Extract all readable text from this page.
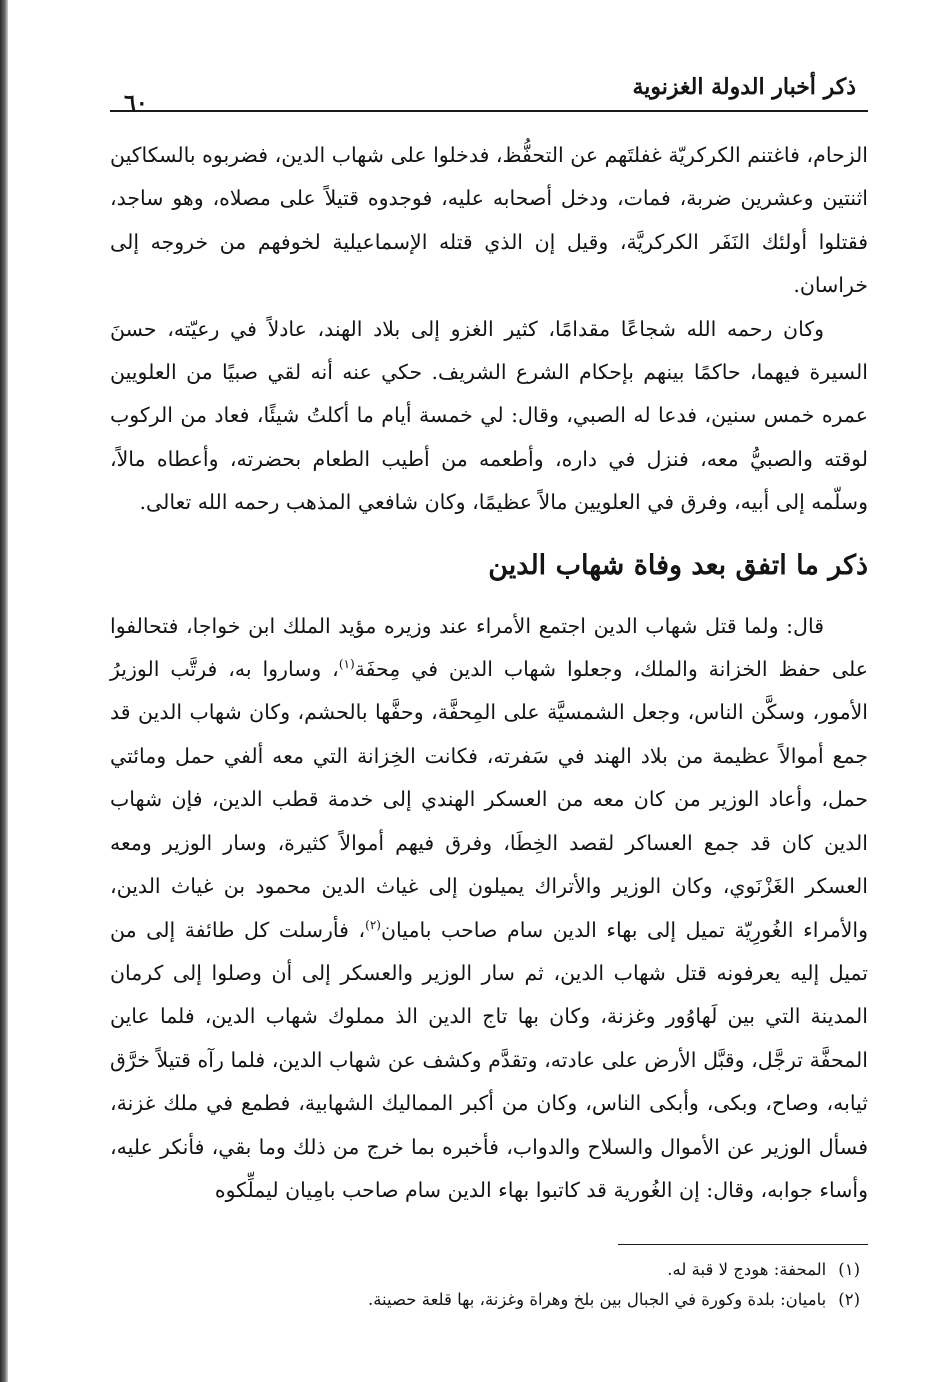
ذكر أخبار الدولة الغزنوية
٦٠

الزحام، فاغتنم الكركريّة غفلتَهم عن التحفُّظ، فدخلوا على شهاب الدين، فضربوه بالسكاكين اثنتين وعشرين ضربة، فمات، ودخل أصحابه عليه، فوجدوه قتيلاً على مصلاه، وهو ساجد، فقتلوا أولئك النَفَر الكركريَّة، وقيل إن الذي قتله الإسماعيلية لخوفهم من خروجه إلى خراسان.

وكان رحمه الله شجاعًا مقدامًا، كثير الغزو إلى بلاد الهند، عادلاً في رعيّته، حسنَ السيرة فيهما، حاكمًا بينهم بإحكام الشرع الشريف. حكي عنه أنه لقي صبيًا من العلويين عمره خمس سنين، فدعا له الصبي، وقال: لي خمسة أيام ما أكلتُ شيئًا، فعاد من الركوب لوقته والصبيُّ معه، فنزل في داره، وأطعمه من أطيب الطعام بحضرته، وأعطاه مالاً، وسلّمه إلى أبيه، وفرق في العلويين مالاً عظيمًا، وكان شافعي المذهب رحمه الله تعالى.

ذكر ما اتفق بعد وفاة شهاب الدين

قال: ولما قتل شهاب الدين اجتمع الأمراء عند وزيره مؤيد الملك ابن خواجا، فتحالفوا على حفظ الخزانة والملك، وجعلوا شهاب الدين في مِحفَة$^{(١)}$، وساروا به، فرتَّب الوزيرُ الأمور، وسكَّن الناس، وجعل الشمسيَّة على المِحفَّة، وحفَّها بالحشم، وكان شهاب الدين قد جمع أموالاً عظيمة من بلاد الهند في سَفرته، فكانت الخِزانة التي معه ألفي حمل ومائتي حمل، وأعاد الوزير من كان معه من العسكر الهندي إلى خدمة قطب الدين، فإن شهاب الدين كان قد جمع العساكر لقصد الخِطَا، وفرق فيهم أموالاً كثيرة، وسار الوزير ومعه العسكر الغَزْنَوي، وكان الوزير والأتراك يميلون إلى غياث الدين محمود بن غياث الدين، والأمراء الغُورِيّة تميل إلى بهاء الدين سام صاحب باميان$^{(٢)}$، فأرسلت كل طائفة إلى من تميل إليه يعرفونه قتل شهاب الدين، ثم سار الوزير والعسكر إلى أن وصلوا إلى كرمان المدينة التي بين لَهاوُور وغزنة، وكان بها تاج الدين الذ مملوك شهاب الدين، فلما عاين المحفَّة ترجَّل، وقبَّل الأرض على عادته، وتقدَّم وكشف عن شهاب الدين، فلما رآه قتيلاً خرَّق ثيابه، وصاح، وبكى، وأبكى الناس، وكان من أكبر المماليك الشهابية، فطمع في ملك غزنة، فسأل الوزير عن الأموال والسلاح والدواب، فأخبره بما خرج من ذلك وما بقي، فأنكر عليه، وأساء جوابه، وقال: إن الغُورية قد كاتبوا بهاء الدين سام صاحب بامِيان ليملِّكوه

(١)
المحفة: هودج لا قبة له.
(٢)
باميان: بلدة وكورة في الجبال بين بلخ وهراة وغزنة، بها قلعة حصينة.
